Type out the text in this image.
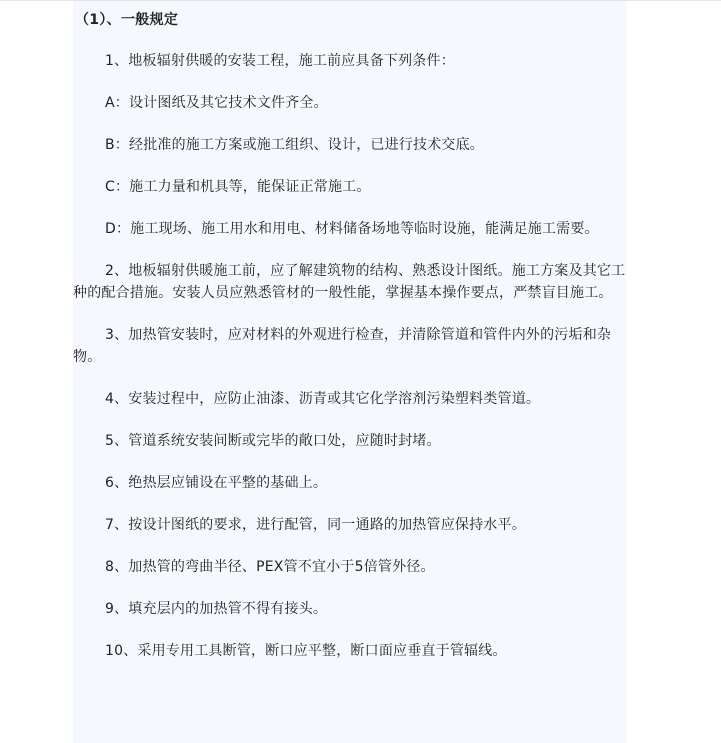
（1）、一般规定

1、地板辐射供暖的安装工程，施工前应具备下列条件：

A：设计图纸及其它技术文件齐全。

B：经批准的施工方案或施工组织、设计，已进行技术交底。

C：施工力量和机具等，能保证正常施工。

D：施工现场、施工用水和用电、材料储备场地等临时设施，能满足施工需要。

2、地板辐射供暖施工前，应了解建筑物的结构、熟悉设计图纸。施工方案及其它工种的配合措施。安装人员应熟悉管材的一般性能，掌握基本操作要点，严禁盲目施工。

3、加热管安装时，应对材料的外观进行检查，并清除管道和管件内外的污垢和杂物。

4、安装过程中，应防止油漆、沥青或其它化学溶剂污染塑料类管道。

5、管道系统安装间断或完毕的敞口处，应随时封堵。

6、绝热层应铺设在平整的基础上。

7、按设计图纸的要求，进行配管，同一通路的加热管应保持水平。

8、加热管的弯曲半径、PEX管不宜小于5倍管外径。

9、填充层内的加热管不得有接头。

10、采用专用工具断管，断口应平整，断口面应垂直于管辐线。
